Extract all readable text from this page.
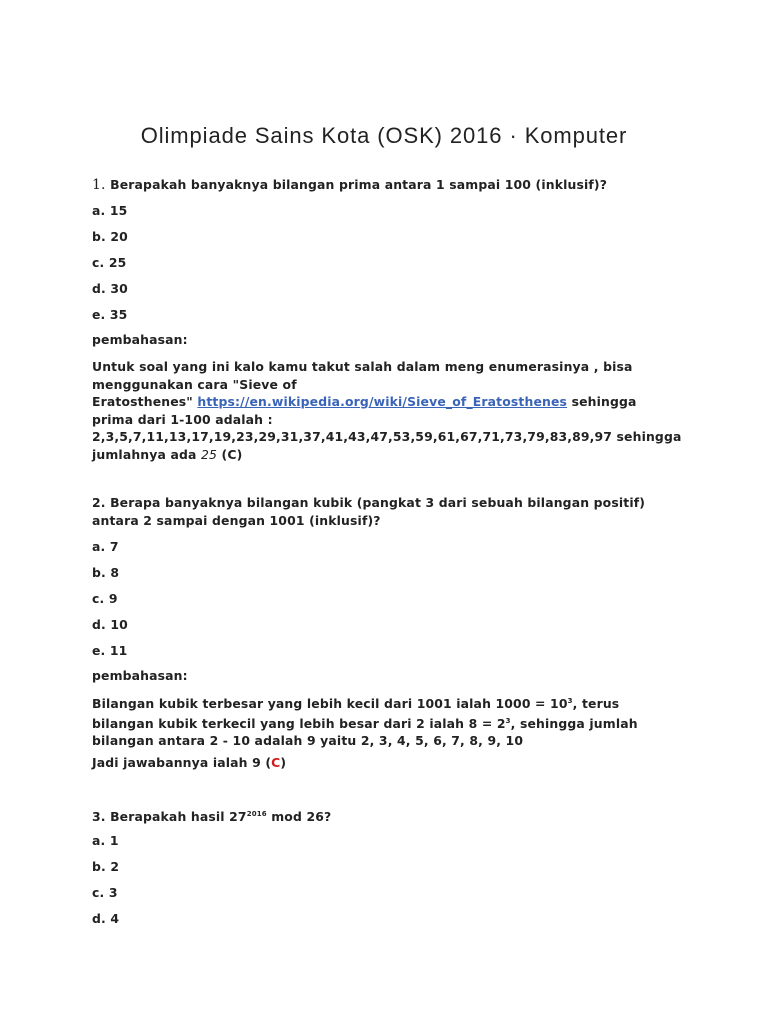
Olimpiade Sains Kota (OSK) 2016 · Komputer

1. Berapakah banyaknya bilangan prima antara 1 sampai 100 (inklusif)?

a. 15

b. 20

c. 25

d. 30

e. 35

pembahasan:

Untuk soal yang ini kalo kamu takut salah dalam meng enumerasinya , bisa
menggunakan cara "Sieve of
Eratosthenes" https://en.wikipedia.org/wiki/Sieve_of_Eratosthenes sehingga
prima dari 1-100 adalah :
2,3,5,7,11,13,17,19,23,29,31,37,41,43,47,53,59,61,67,71,73,79,83,89,97 sehingga
jumlahnya ada 25 (C)
2. Berapa banyaknya bilangan kubik (pangkat 3 dari sebuah bilangan positif)
antara 2 sampai dengan 1001 (inklusif)?

a. 7

b. 8

c. 9

d. 10

e. 11

pembahasan:

Bilangan kubik terbesar yang lebih kecil dari 1001 ialah $1000 = 10^3$, terus
bilangan kubik terkecil yang lebih besar dari 2 ialah $8 = 2^3$, sehingga jumlah
bilangan antara 2 - 10 adalah 9 yaitu 2, 3, 4, 5, 6, 7, 8, 9, 10

Jadi jawabannya ialah 9 (C)

3. Berapakah hasil $27^{2016}$ mod 26?

a. 1

b. 2

c. 3

d. 4
